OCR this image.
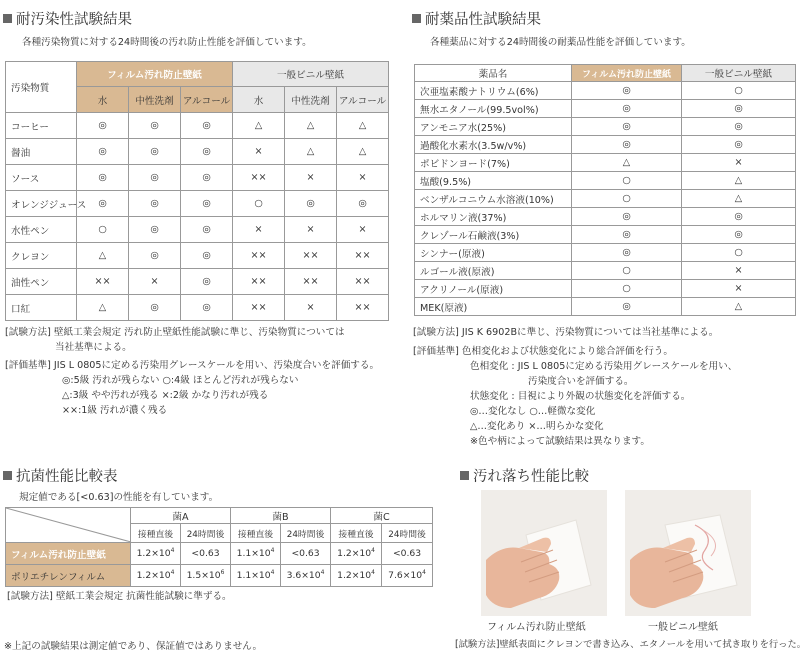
耐汚染性試験結果
各種汚染物質に対する24時間後の汚れ防止性能を評価しています。
汚染物質	フィルム汚れ防止壁紙			一般ビニル壁紙		
	水	中性洗剤	アルコール	水	中性洗剤	アルコール
コーヒー	◎	◎	◎	△	△	△
醤油	◎	◎	◎	×	△	△
ソース	◎	◎	◎	××	×	×
オレンジジュース	◎	◎	◎	○	◎	◎
水性ペン	○	◎	◎	×	×	×
クレヨン	△	◎	◎	××	××	××
油性ペン	××	×	◎	××	××	××
口紅	△	◎	◎	××	×	××
[試験方法] 壁紙工業会規定 汚れ防止壁紙性能試験に準じ、汚染物質については
当社基準による。
[評価基準] JIS L 0805に定める汚染用グレースケールを用い、汚染度合いを評価する。
◎:5級 汚れが残らない ○:4級 ほとんど汚れが残らない
△:3級 やや汚れが残る ×:2級 かなり汚れが残る
××:1級 汚れが濃く残る
耐薬品性試験結果
各種薬品に対する24時間後の耐薬品性能を評価しています。
薬品名	フィルム汚れ防止壁紙	一般ビニル壁紙
次亜塩素酸ナトリウム(6%)	◎	○
無水エタノール(99.5vol%)	◎	◎
アンモニア水(25%)	◎	◎
過酸化水素水(3.5w/v%)	◎	◎
ポビドンヨード(7%)	△	×
塩酸(9.5%)	○	△
ベンザルコニウム水溶液(10%)	○	△
ホルマリン液(37%)	◎	◎
クレゾール石鹸液(3%)	◎	◎
シンナー(原液)	◎	○
ルゴール液(原液)	○	×
アクリノール(原液)	○	×
MEK(原液)	◎	△
[試験方法] JIS K 6902Bに準じ、汚染物質については当社基準による。
[評価基準] 色相変化および状態変化により総合評価を行う。
色相変化 : JIS L 0805に定める汚染用グレースケールを用い、
汚染度合いを評価する。
状態変化 : 目視により外観の状態変化を評価する。
◎…変化なし ○…軽微な変化
△…変化あり ×…明らかな変化
※色や柄によって試験結果は異なります。
抗菌性能比較表
規定値である[<0.63]の性能を有しています。
	菌A		菌B		菌C	
	接種直後	24時間後	接種直後	24時間後	接種直後	24時間後
フィルム汚れ防止壁紙	$1.2\times 10^4$	<0.63	$1.1\times 10^4$	<0.63	$1.2\times 10^4$	<0.63
ポリエチレンフィルム	$1.2\times 10^4$	$1.5\times 10^6$	$1.1\times 10^4$	$3.6\times 10^4$	$1.2\times 10^4$	$7.6\times 10^4$
[試験方法] 壁紙工業会規定 抗菌性能試験に準ずる。
汚れ落ち性能比較
フィルム汚れ防止壁紙	一般ビニル壁紙
[試験方法]壁紙表面にクレヨンで書き込み、エタノールを用いて拭き取りを行った。
※上記の試験結果は測定値であり、保証値ではありません。
